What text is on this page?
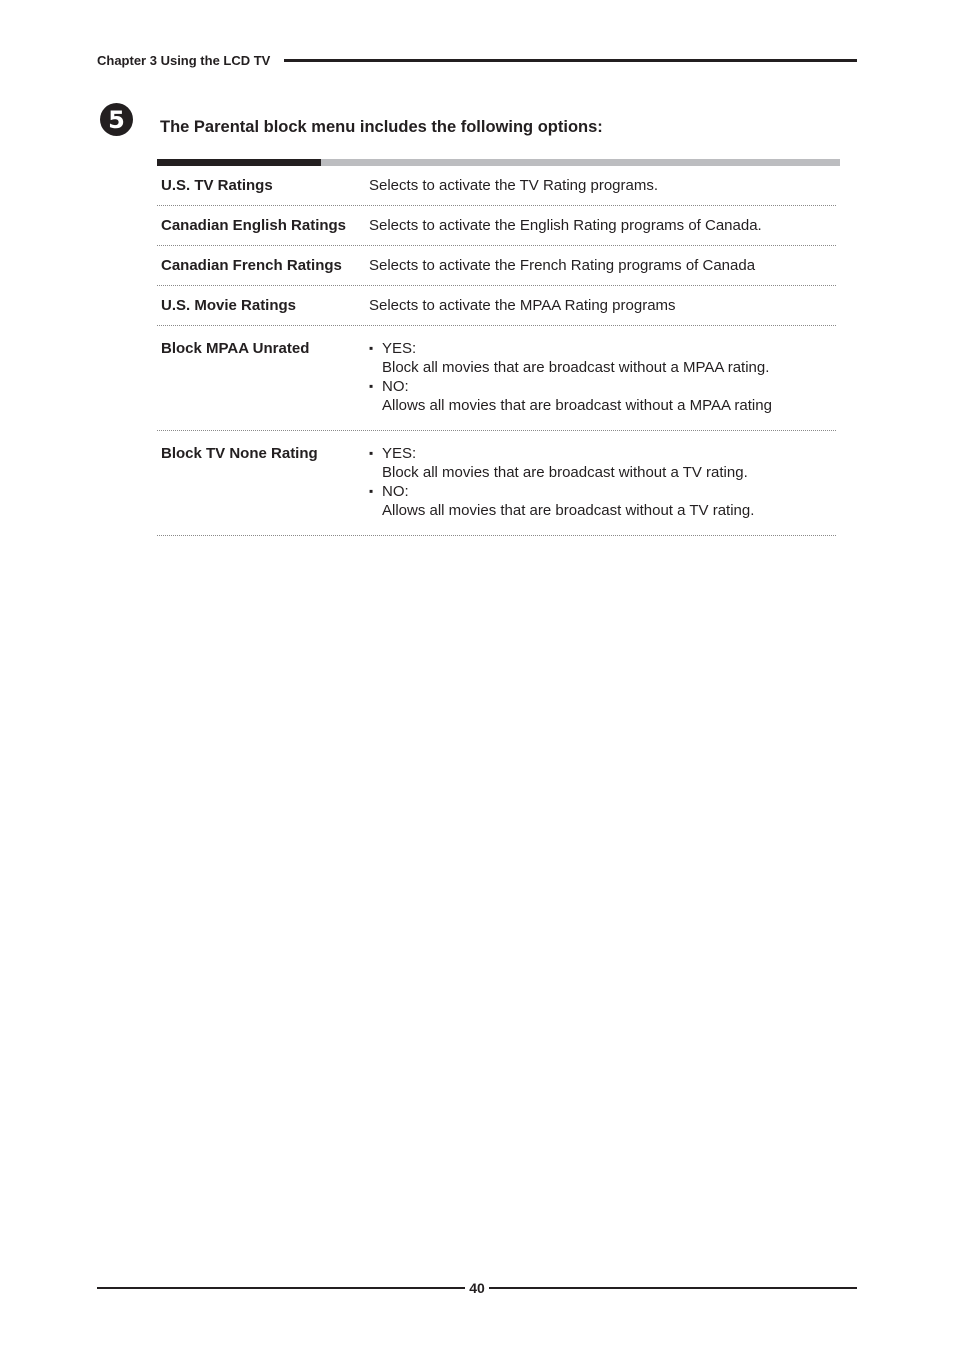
Chapter 3 Using the LCD TV
5	The Parental block menu includes the following options:
U.S. TV Ratings	Selects to activate the TV Rating programs.
Canadian English Ratings	Selects to activate the English Rating programs of Canada.
Canadian French Ratings	Selects to activate the French Rating programs of Canada
U.S. Movie Ratings	Selects to activate the MPAA Rating programs
Block MPAA Unrated	▪ YES:
Block all movies that are broadcast without a MPAA rating.
▪ NO:
Allows all movies that are broadcast without a MPAA rating
Block TV None Rating	▪ YES:
Block all movies that are broadcast without a TV rating.
▪ NO:
Allows all movies that are broadcast without a TV rating.
40
